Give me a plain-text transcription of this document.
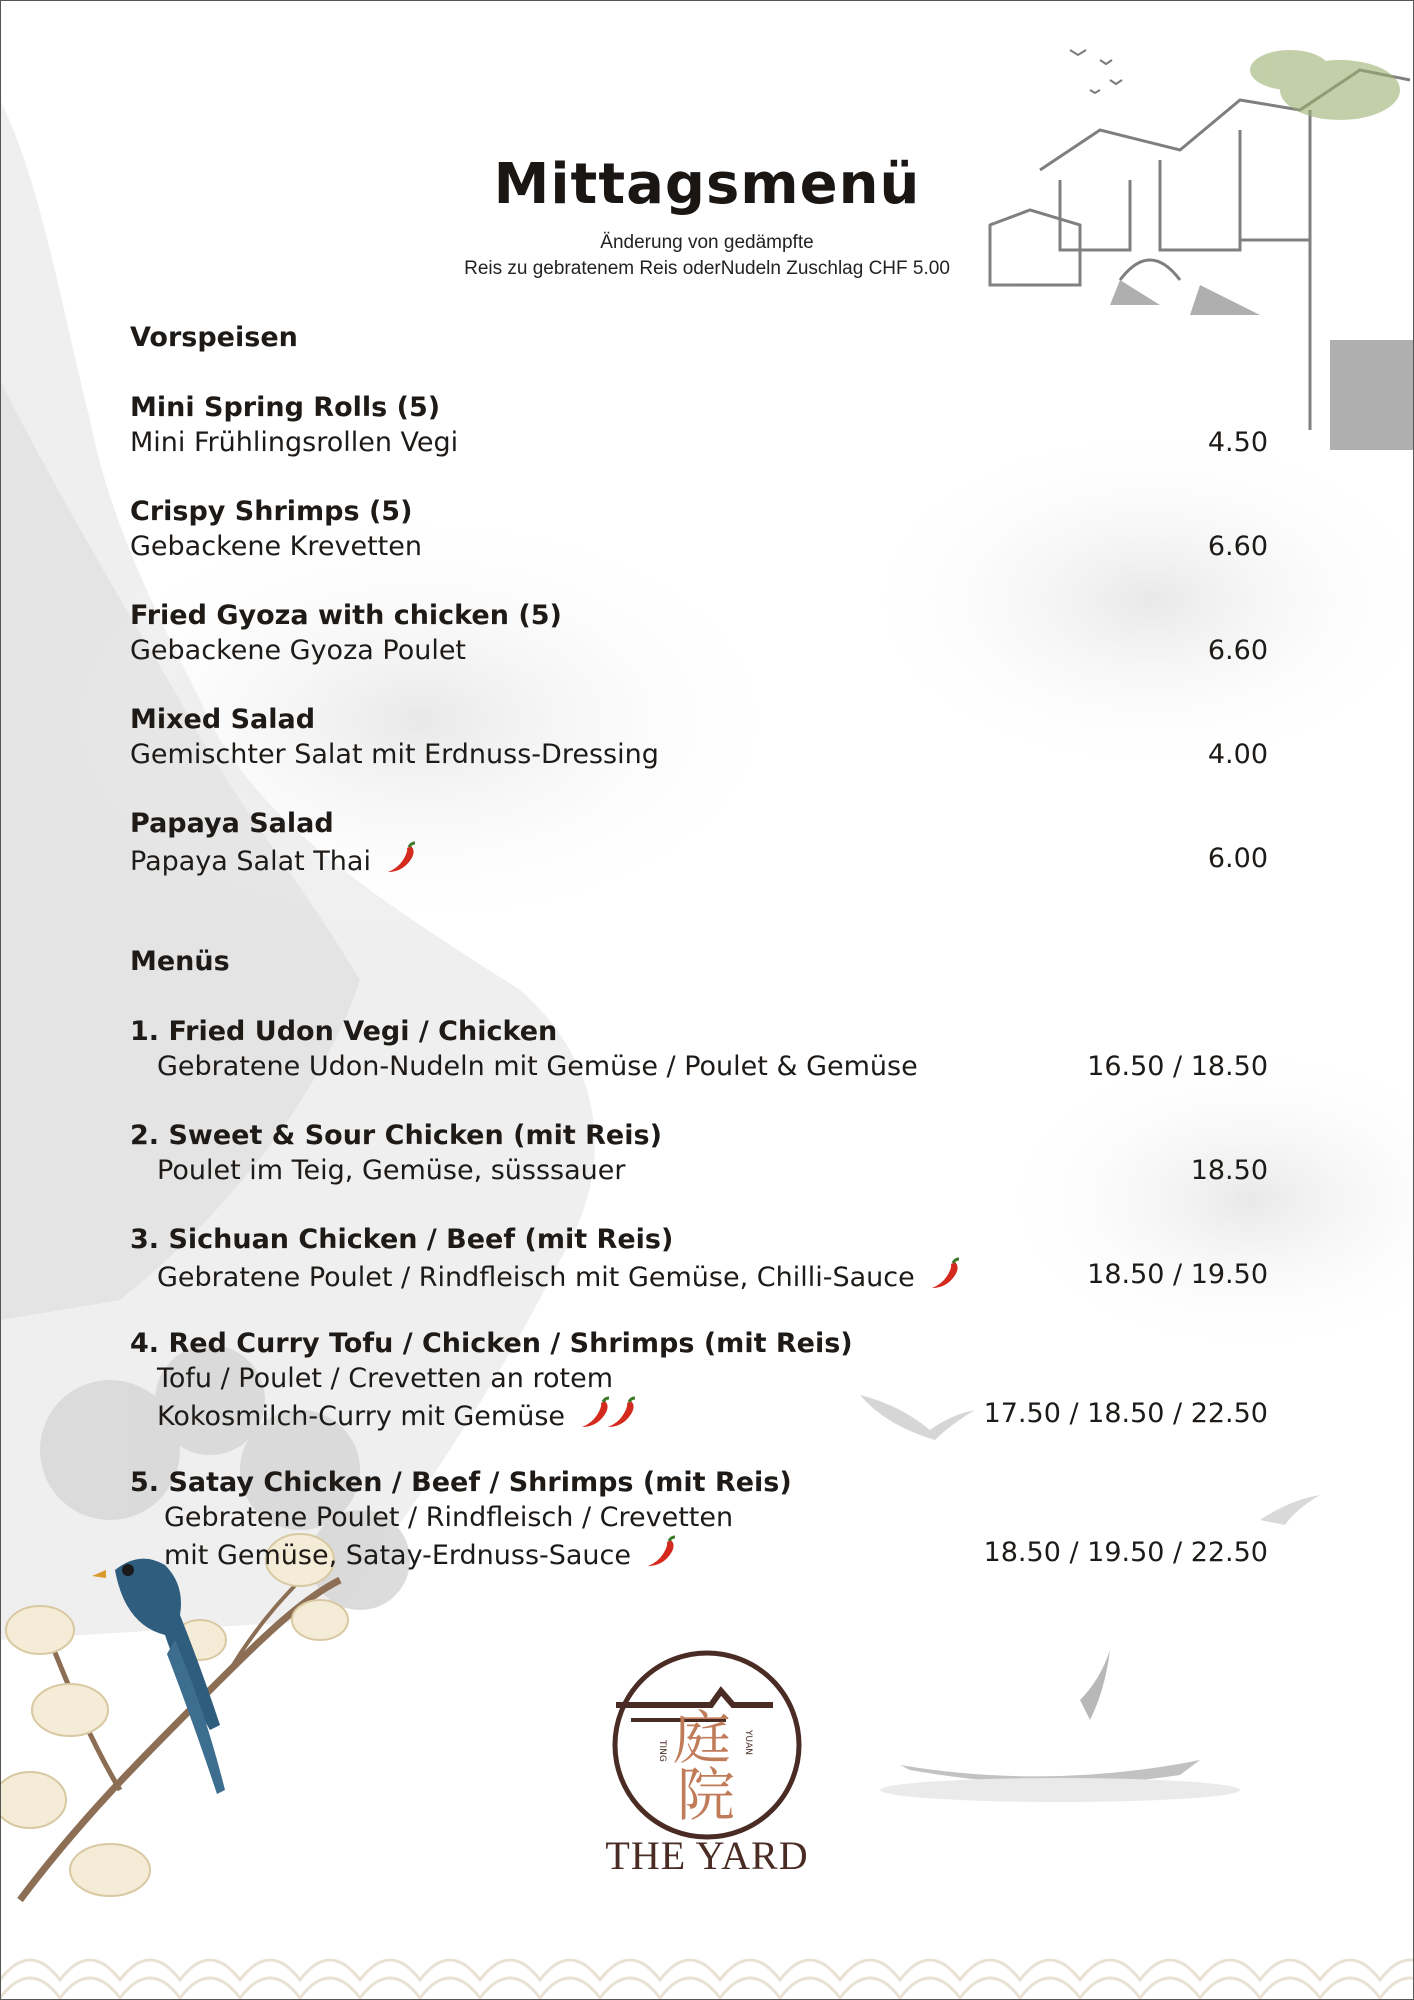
Mittagsmenü
Änderung von gedämpfte
Reis zu gebratenem Reis oderNudeln Zuschlag CHF 5.00
Vorspeisen
Mini Spring Rolls (5)
Mini Frühlingsrollen Vegi	4.50
Crispy Shrimps (5)
Gebackene Krevetten	6.60
Fried Gyoza with chicken (5)
Gebackene Gyoza Poulet	6.60
Mixed Salad
Gemischter Salat mit Erdnuss-Dressing	4.00
Papaya Salad
Papaya Salat Thai	6.00
Menüs
1. Fried Udon Vegi / Chicken
Gebratene Udon-Nudeln mit Gemüse / Poulet & Gemüse	16.50 / 18.50
2. Sweet & Sour Chicken (mit Reis)
Poulet im Teig, Gemüse, süsssauer	18.50
3. Sichuan Chicken / Beef (mit Reis)
Gebratene Poulet / Rindfleisch mit Gemüse, Chilli-Sauce	18.50 / 19.50
4. Red Curry Tofu / Chicken / Shrimps (mit Reis)
Tofu / Poulet / Crevetten an rotem
Kokosmilch-Curry mit Gemüse	17.50 / 18.50 / 22.50
5. Satay Chicken / Beef / Shrimps (mit Reis)
Gebratene Poulet / Rindfleisch / Crevetten
mit Gemüse, Satay-Erdnuss-Sauce	18.50 / 19.50 / 22.50
庭
院
TING	YUAN
THE YARD
